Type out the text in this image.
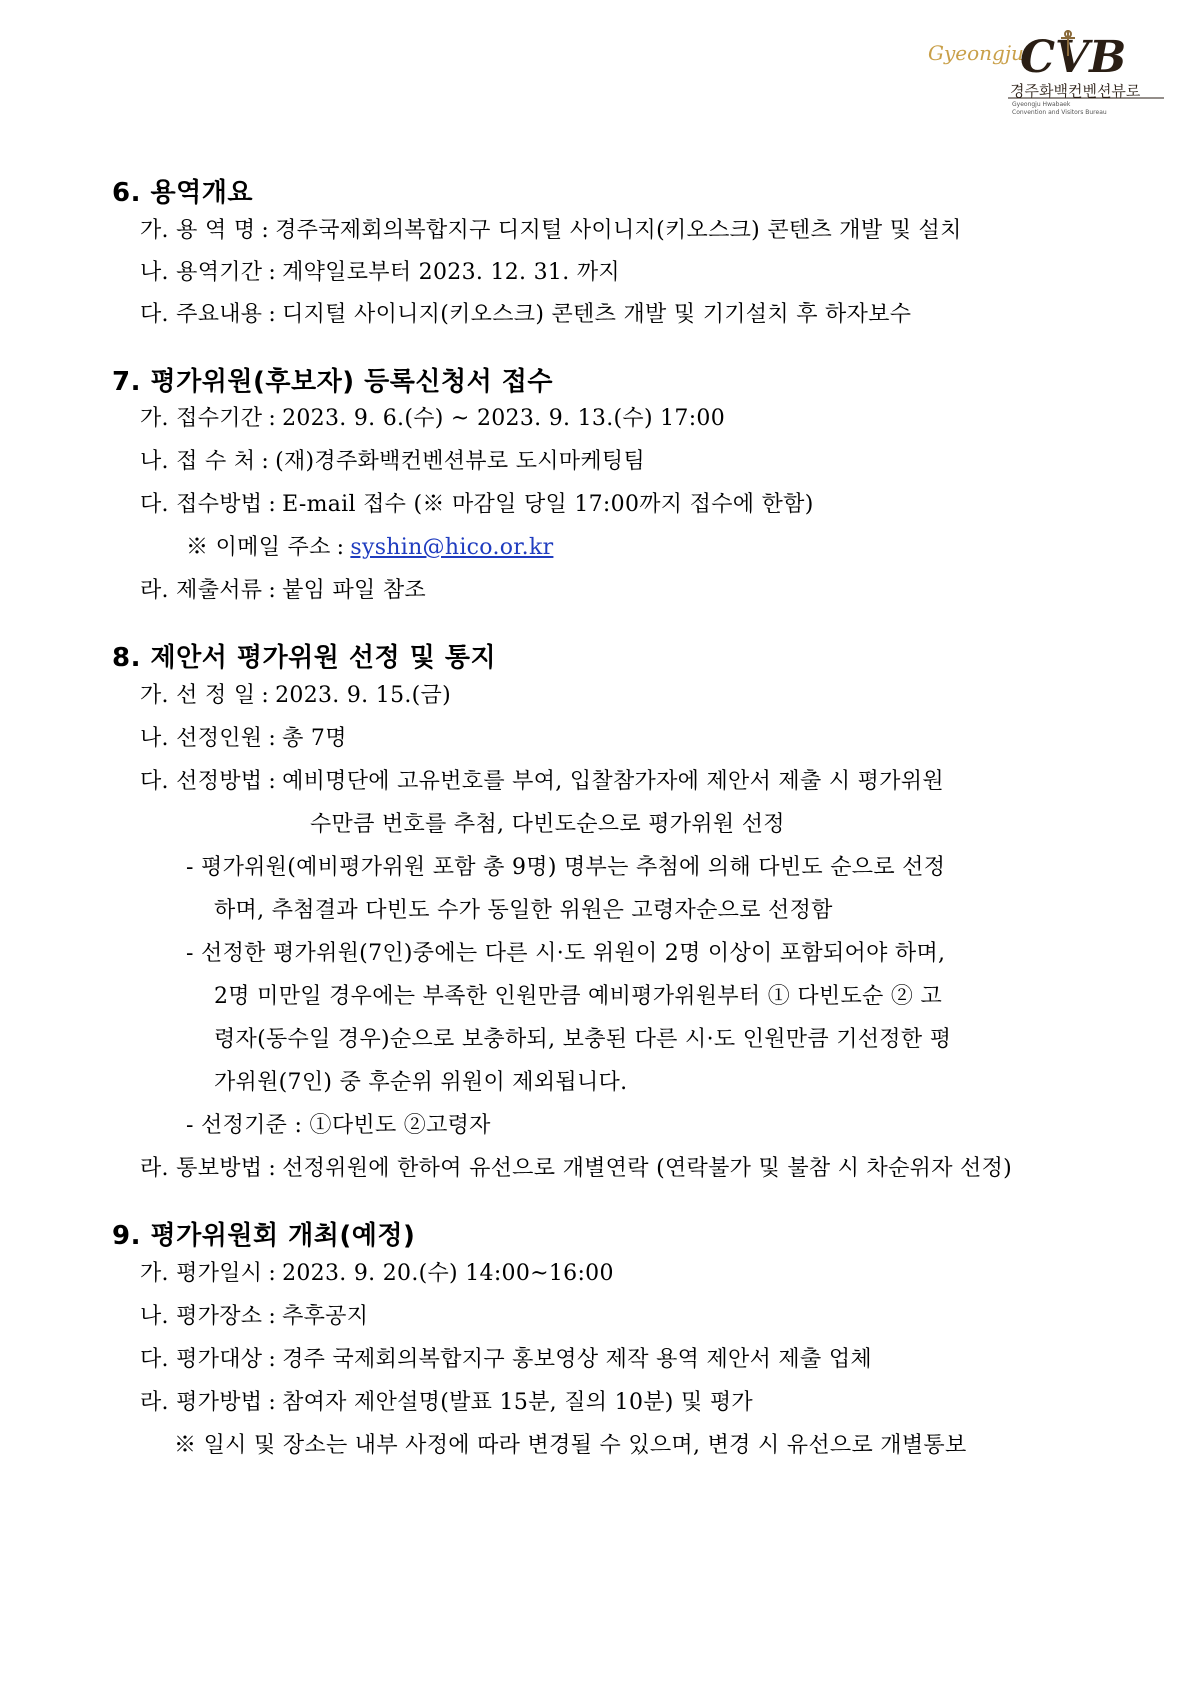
Gyeongju
CVB
경주화백컨벤션뷰로
Gyeongju Hwabaek
Convention and Visitors Bureau
6. 용역개요
가. 용 역 명 : 경주국제회의복합지구 디지털 사이니지(키오스크) 콘텐츠 개발 및 설치
나. 용역기간 : 계약일로부터 2023. 12. 31. 까지
다. 주요내용 : 디지털 사이니지(키오스크) 콘텐츠 개발 및 기기설치 후 하자보수
7. 평가위원(후보자) 등록신청서 접수
가. 접수기간 : 2023. 9. 6.(수) ~ 2023. 9. 13.(수) 17:00
나. 접 수 처 : (재)경주화백컨벤션뷰로 도시마케팅팀
다. 접수방법 : E-mail 접수 (※ 마감일 당일 17:00까지 접수에 한함)
※ 이메일 주소 : syshin@hico.or.kr
라. 제출서류 : 붙임 파일 참조
8. 제안서 평가위원 선정 및 통지
가. 선 정 일 : 2023. 9. 15.(금)
나. 선정인원 : 총 7명
다. 선정방법 : 예비명단에 고유번호를 부여, 입찰참가자에 제안서 제출 시 평가위원
수만큼 번호를 추첨, 다빈도순으로 평가위원 선정
- 평가위원(예비평가위원 포함 총 9명) 명부는 추첨에 의해 다빈도 순으로 선정
하며, 추첨결과 다빈도 수가 동일한 위원은 고령자순으로 선정함
- 선정한 평가위원(7인)중에는 다른 시·도 위원이 2명 이상이 포함되어야 하며,
2명 미만일 경우에는 부족한 인원만큼 예비평가위원부터 ① 다빈도순 ② 고
령자(동수일 경우)순으로 보충하되, 보충된 다른 시·도 인원만큼 기선정한 평
가위원(7인) 중 후순위 위원이 제외됩니다.
- 선정기준 : ①다빈도 ②고령자
라. 통보방법 : 선정위원에 한하여 유선으로 개별연락 (연락불가 및 불참 시 차순위자 선정)
9. 평가위원회 개최(예정)
가. 평가일시 : 2023. 9. 20.(수) 14:00~16:00
나. 평가장소 : 추후공지
다. 평가대상 : 경주 국제회의복합지구 홍보영상 제작 용역 제안서 제출 업체
라. 평가방법 : 참여자 제안설명(발표 15분, 질의 10분) 및 평가
※ 일시 및 장소는 내부 사정에 따라 변경될 수 있으며, 변경 시 유선으로 개별통보
